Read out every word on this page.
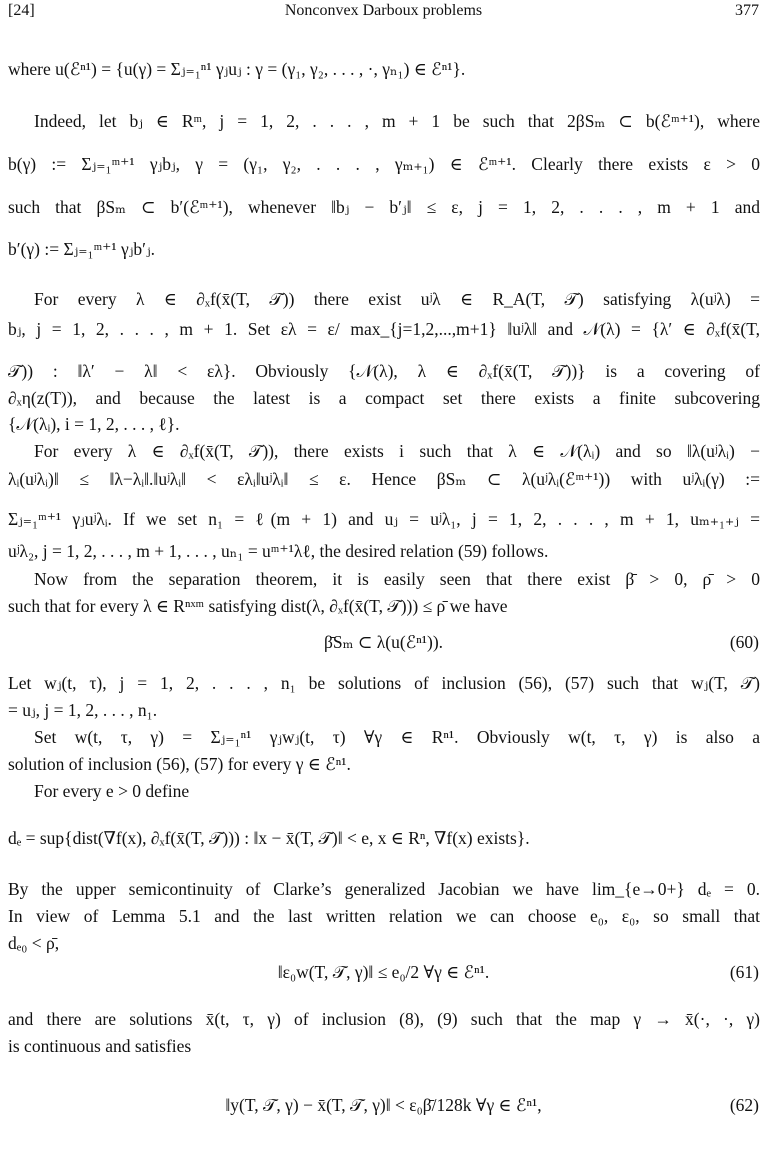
[24]	Nonconvex Darboux problems	377
where u(ℰⁿ¹) = {u(γ) = Σⱼ₌₁ⁿ¹ γⱼuⱼ : γ = (γ₁, γ₂, . . . , ·, γₙ₁) ∈ ℰⁿ¹}.
Indeed, let bⱼ ∈ Rᵐ, j = 1, 2, . . . , m + 1 be such that 2βSₘ ⊂ b(ℰᵐ⁺¹), where
b(γ) := Σⱼ₌₁ᵐ⁺¹ γⱼbⱼ, γ = (γ₁, γ₂, . . . , γₘ₊₁) ∈ ℰᵐ⁺¹. Clearly there exists ε > 0
such that βSₘ ⊂ b′(ℰᵐ⁺¹), whenever ‖bⱼ − b′ⱼ‖ ≤ ε, j = 1, 2, . . . , m + 1 and
b′(γ) := Σⱼ₌₁ᵐ⁺¹ γⱼb′ⱼ.
For every λ ∈ ∂ₓf(x̄(T, 𝒯)) there exist uʲλ ∈ R_A(T, 𝒯) satisfying λ(uʲλ) =
bⱼ, j = 1, 2, . . . , m + 1. Set ελ = ε/ max_{j=1,2,...,m+1} ‖uʲλ‖ and 𝒩(λ) = {λ′ ∈ ∂ₓf(x̄(T,
𝒯)) : ‖λ′ − λ‖ < ελ}. Obviously {𝒩(λ), λ ∈ ∂ₓf(x̄(T, 𝒯))} is a covering of
∂ₓη(z(T)), and because the latest is a compact set there exists a finite subcovering
{𝒩(λᵢ), i = 1, 2, . . . , ℓ}.
For every λ ∈ ∂ₓf(x̄(T, 𝒯)), there exists i such that λ ∈ 𝒩(λᵢ) and so ‖λ(uʲλᵢ) −
λᵢ(uʲλᵢ)‖ ≤ ‖λ−λᵢ‖.‖uʲλᵢ‖ < ελᵢ‖uʲλᵢ‖ ≤ ε. Hence βSₘ ⊂ λ(uʲλᵢ(ℰᵐ⁺¹)) with uʲλᵢ(γ) :=
Σⱼ₌₁ᵐ⁺¹ γⱼuʲλᵢ. If we set n₁ = ℓ(m + 1) and uⱼ = uʲλ₁, j = 1, 2, . . . , m + 1, uₘ₊₁₊ⱼ =
uʲλ₂, j = 1, 2, . . . , m + 1, . . . , uₙ₁ = uᵐ⁺¹λℓ, the desired relation (59) follows.
Now from the separation theorem, it is easily seen that there exist β̄ > 0, ρ̄ > 0
such that for every λ ∈ Rⁿˣᵐ satisfying dist(λ, ∂ₓf(x̄(T, 𝒯))) ≤ ρ̄ we have
β̄Sₘ ⊂ λ(u(ℰⁿ¹)).	(60)
Let wⱼ(t, τ), j = 1, 2, . . . , n₁ be solutions of inclusion (56), (57) such that wⱼ(T, 𝒯)
= uⱼ, j = 1, 2, . . . , n₁.
Set w(t, τ, γ) = Σⱼ₌₁ⁿ¹ γⱼwⱼ(t, τ) ∀γ ∈ Rⁿ¹. Obviously w(t, τ, γ) is also a
solution of inclusion (56), (57) for every γ ∈ ℰⁿ¹.
For every e > 0 define
dₑ = sup{dist(∇f(x), ∂ₓf(x̄(T, 𝒯))) : ‖x − x̄(T, 𝒯)‖ < e, x ∈ Rⁿ, ∇f(x) exists}.
By the upper semicontinuity of Clarke’s generalized Jacobian we have lim_{e→0+} dₑ = 0.
In view of Lemma 5.1 and the last written relation we can choose e₀, ε₀, so small that
dₑ₀ < ρ̄,
‖ε₀w(T, 𝒯, γ)‖ ≤ e₀/2 ∀γ ∈ ℰⁿ¹.	(61)
and there are solutions x̄(t, τ, γ) of inclusion (8), (9) such that the map γ → x̄(·, ·, γ)
is continuous and satisfies
‖y(T, 𝒯, γ) − x̄(T, 𝒯, γ)‖ < ε₀β̄/128k ∀γ ∈ ℰⁿ¹,	(62)
